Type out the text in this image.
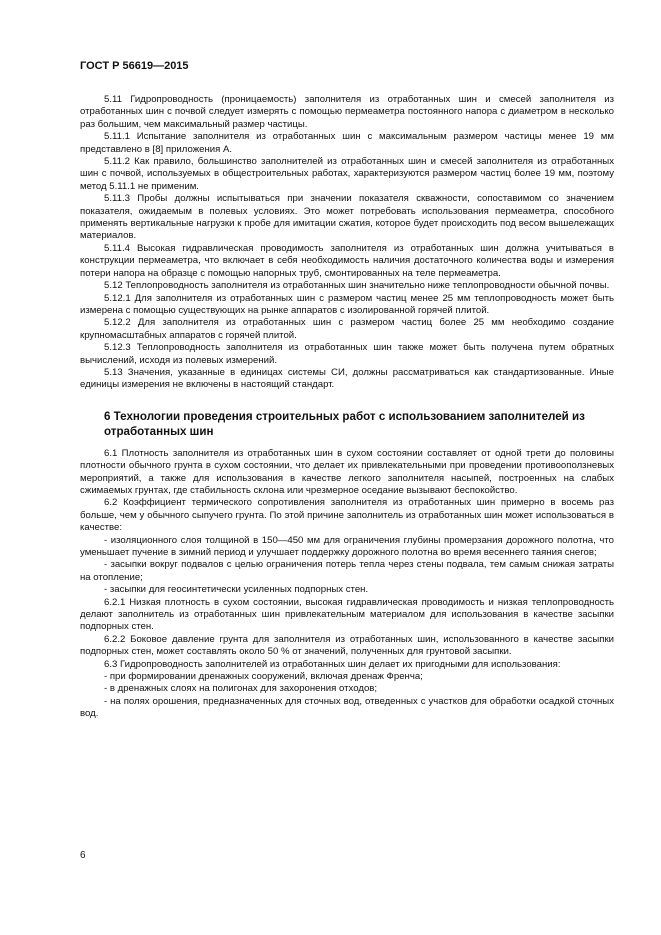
ГОСТ Р 56619—2015

5.11 Гидропроводность (проницаемость) заполнителя из отработанных шин и смесей заполнителя из отработанных шин с почвой следует измерять с помощью пермеаметра постоянного напора с диаметром в несколько раз большим, чем максимальный размер частицы.

5.11.1 Испытание заполнителя из отработанных шин с максимальным размером частицы менее 19 мм представлено в [8] приложения А.

5.11.2 Как правило, большинство заполнителей из отработанных шин и смесей заполнителя из отработанных шин с почвой, используемых в общестроительных работах, характеризуются размером частиц более 19 мм, поэтому метод 5.11.1 не применим.

5.11.3 Пробы должны испытываться при значении показателя скважности, сопоставимом со значением показателя, ожидаемым в полевых условиях. Это может потребовать использования пермеаметра, способного применять вертикальные нагрузки к пробе для имитации сжатия, которое будет происходить под весом вышележащих материалов.

5.11.4 Высокая гидравлическая проводимость заполнителя из отработанных шин должна учитываться в конструкции пермеаметра, что включает в себя необходимость наличия достаточного количества воды и измерения потери напора на образце с помощью напорных труб, смонтированных на теле пермеаметра.

5.12 Теплопроводность заполнителя из отработанных шин значительно ниже теплопроводности обычной почвы.

5.12.1 Для заполнителя из отработанных шин с размером частиц менее 25 мм теплопроводность может быть измерена с помощью существующих на рынке аппаратов с изолированной горячей плитой.

5.12.2 Для заполнителя из отработанных шин с размером частиц более 25 мм необходимо создание крупномасштабных аппаратов с горячей плитой.

5.12.3 Теплопроводность заполнителя из отработанных шин также может быть получена путем обратных вычислений, исходя из полевых измерений.

5.13 Значения, указанные в единицах системы СИ, должны рассматриваться как стандартизованные. Иные единицы измерения не включены в настоящий стандарт.

6 Технологии проведения строительных работ с использованием заполнителей из отработанных шин

6.1 Плотность заполнителя из отработанных шин в сухом состоянии составляет от одной трети до половины плотности обычного грунта в сухом состоянии, что делает их привлекательными при проведении противооползневых мероприятий, а также для использования в качестве легкого заполнителя насыпей, построенных на слабых сжимаемых грунтах, где стабильность склона или чрезмерное оседание вызывают беспокойство.

6.2 Коэффициент термического сопротивления заполнителя из отработанных шин примерно в восемь раз больше, чем у обычного сыпучего грунта. По этой причине заполнитель из отработанных шин может использоваться в качестве:

- изоляционного слоя толщиной в 150—450 мм для ограничения глубины промерзания дорожного полотна, что уменьшает пучение в зимний период и улучшает поддержку дорожного полотна во время весеннего таяния снегов;

- засыпки вокруг подвалов с целью ограничения потерь тепла через стены подвала, тем самым снижая затраты на отопление;

- засыпки для геосинтетически усиленных подпорных стен.

6.2.1 Низкая плотность в сухом состоянии, высокая гидравлическая проводимость и низкая теплопроводность делают заполнитель из отработанных шин привлекательным материалом для использования в качестве засыпки подпорных стен.

6.2.2 Боковое давление грунта для заполнителя из отработанных шин, использованного в качестве засыпки подпорных стен, может составлять около 50 % от значений, полученных для грунтовой засыпки.

6.3 Гидропроводность заполнителей из отработанных шин делает их пригодными для использования:

- при формировании дренажных сооружений, включая дренаж Френча;

- в дренажных слоях на полигонах для захоронения отходов;

- на полях орошения, предназначенных для сточных вод, отведенных с участков для обработки осадкой сточных вод.

6
